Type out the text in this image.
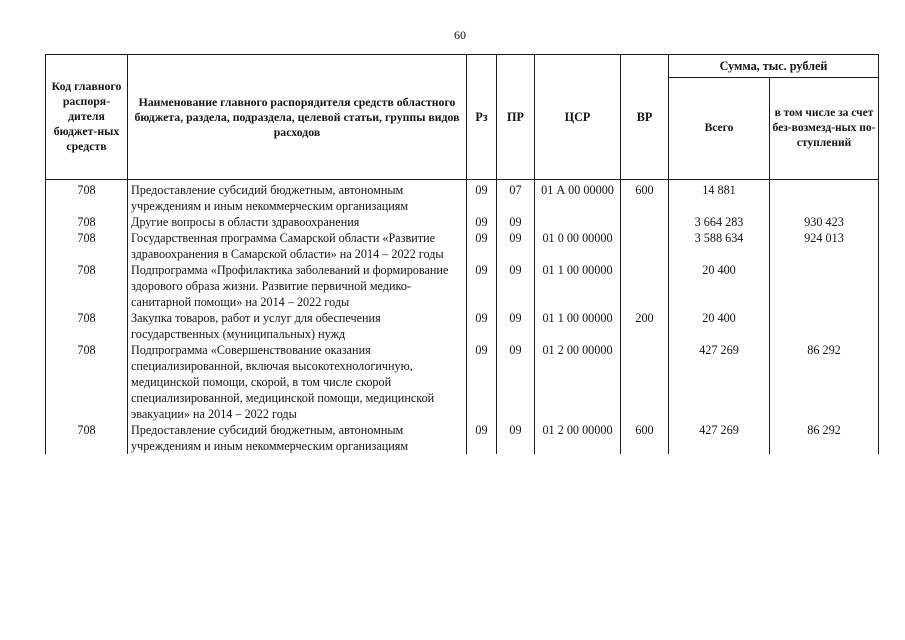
60
Код главного распоря-дителя бюджет-ных средств	Наименование главного распорядителя средств областного бюджета, раздела, подраздела, целевой статьи, группы видов расходов	Рз	ПР	ЦСР	ВР	Сумма, тыс. рублей	
						Всего	в том числе за счет без-возмезд-ных по-ступлений
708	Предоставление субсидий бюджетным, автономным учреждениям и иным некоммерческим организациям	09	07	01 А 00 00000	600	14 881	
708	Другие вопросы в области здравоохранения	09	09			3 664 283	930 423
708	Государственная программа Самарской области «Развитие здравоохранения в Самарской области» на 2014 – 2022 годы	09	09	01 0 00 00000		3 588 634	924 013
708	Подпрограмма «Профилактика заболеваний и формирование здорового образа жизни. Развитие первичной медико-санитарной помощи» на 2014 – 2022 годы	09	09	01 1 00 00000		20 400	
708	Закупка товаров, работ и услуг для обеспечения государственных (муниципальных) нужд	09	09	01 1 00 00000	200	20 400	
708	Подпрограмма «Совершенствование оказания специализированной, включая высокотехнологичную, медицинской помощи, скорой, в том числе скорой специализированной, медицинской помощи, медицинской эвакуации» на 2014 – 2022 годы	09	09	01 2 00 00000		427 269	86 292
708	Предоставление субсидий бюджетным, автономным учреждениям и иным некоммерческим организациям	09	09	01 2 00 00000	600	427 269	86 292
